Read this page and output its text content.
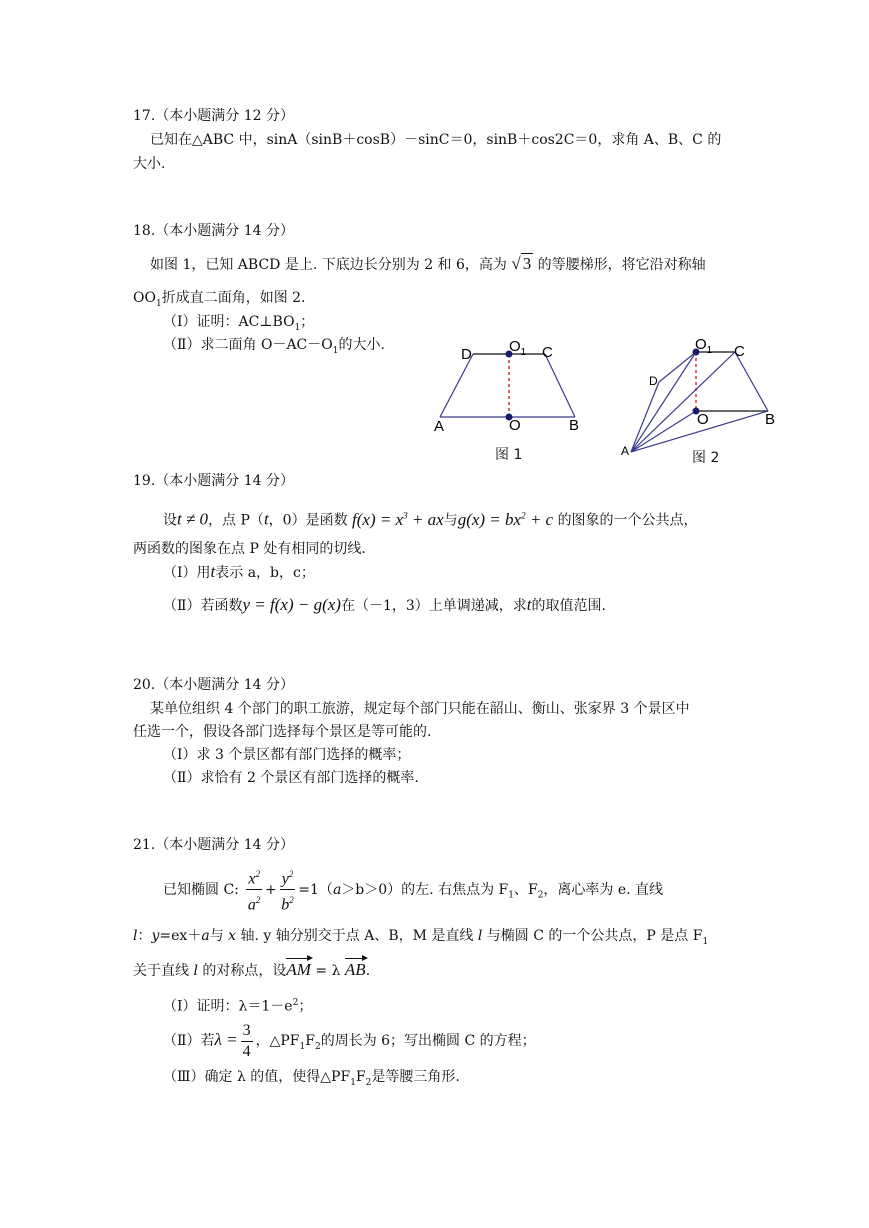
17.（本小题满分 12 分）
已知在△ABC 中，sinA（sinB＋cosB）－sinC＝0，sinB＋cos2C＝0，求角 A、B、C 的
大小.
18.（本小题满分 14 分）
如图 1，已知 ABCD 是上. 下底边长分别为 2 和 6，高为 √ 3 的等腰梯形，将它沿对称轴
$OO_1$折成直二面角，如图 2.
（Ⅰ）证明：$AC\perp BO_1$；
（Ⅱ）求二面角 $O-AC-O_1$的大小.
D $O_1$ C
A	O	B
图 1
$O_1$ C
D
O	B
A	图 2
19.（本小题满分 14 分）
设t ≠ 0，点 P（t，0）是函数 $f(x) = x^3$ + ax与$g(x) = bx^2 + c$ 的图象的一个公共点，
两函数的图象在点 P 处有相同的切线.
（Ⅰ）用t表示 a，b，c；
（Ⅱ）若函数y = f(x) − g(x)在（－1，3）上单调递减，求t的取值范围.
20.（本小题满分 14 分）
某单位组织 4 个部门的职工旅游，规定每个部门只能在韶山、衡山、张家界 3 个景区中
任选一个，假设各部门选择每个景区是等可能的.
（Ⅰ）求 3 个景区都有部门选择的概率；
（Ⅱ）求恰有 2 个景区有部门选择的概率.
21.（本小题满分 14 分）
已知椭圆 C: $\frac{x^2}{a^2} + \frac{y^2}{b^2} =1(a>b>0)$的左. 右焦点为 $F_1$、$F_2$，离心率为 e. 直线
l：y=ex＋a与 x 轴. y 轴分别交于点 A、B，M 是直线 l 与椭圆 C 的一个公共点，P 是点 $F_1$
关于直线 l 的对称点，设AM = λ AB.
（Ⅰ）证明：$\lambda=1-e^2$；
（Ⅱ）若$\lambda = \frac{3}{4}$ ，$\triangle PF_1F_2$的周长为 6；写出椭圆 C 的方程；
（Ⅲ）确定 λ 的值，使得$\triangle PF_1F_2$是等腰三角形.
